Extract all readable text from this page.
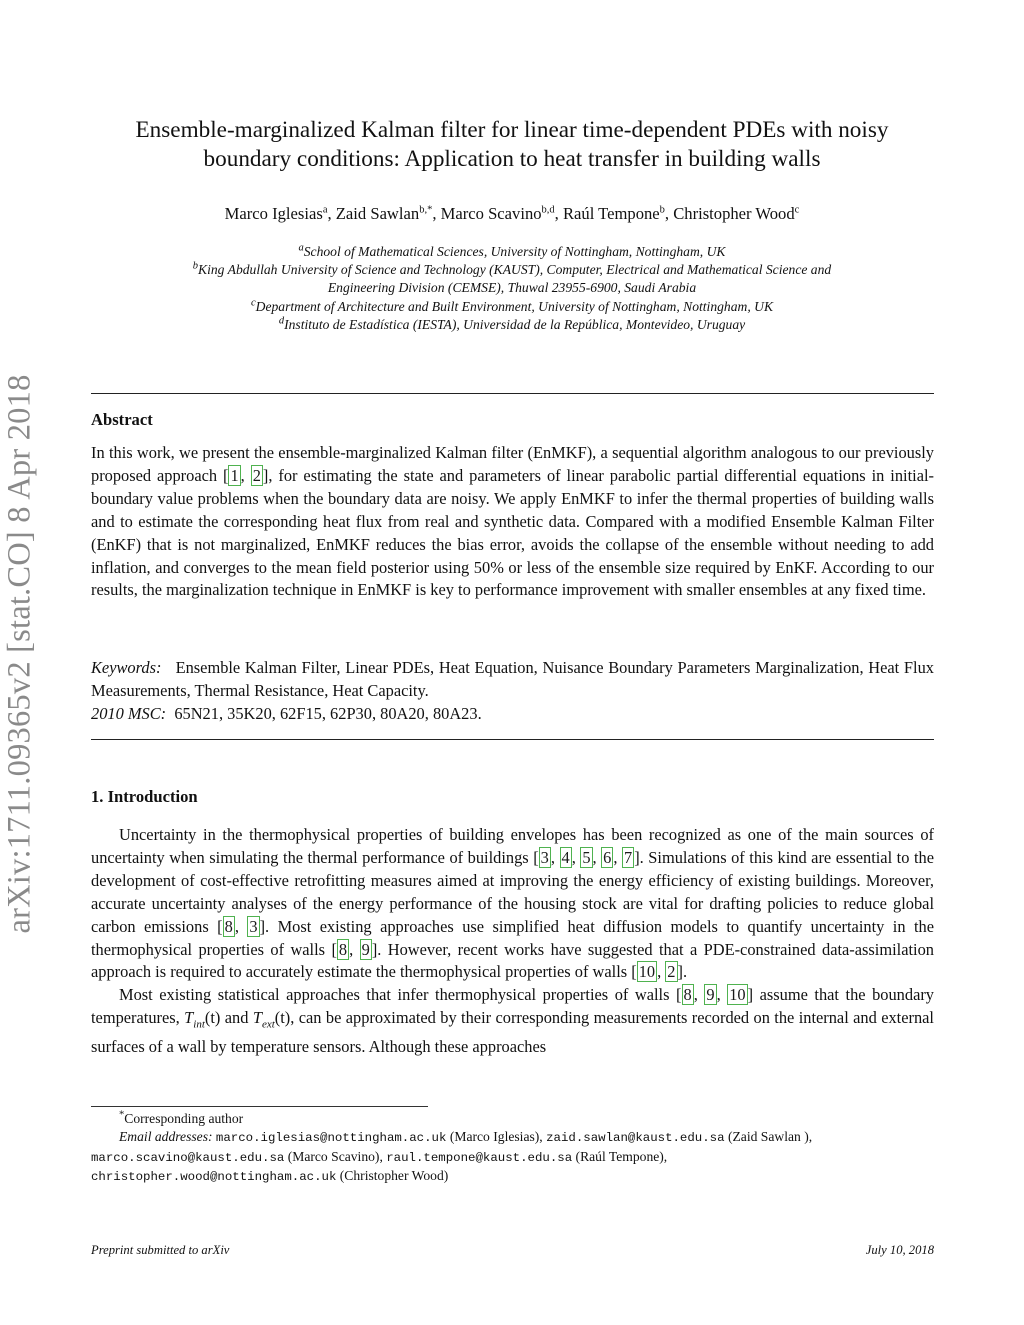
arXiv:1711.09365v2 [stat.CO] 8 Apr 2018
Ensemble-marginalized Kalman filter for linear time-dependent PDEs with noisy
boundary conditions: Application to heat transfer in building walls
Marco Iglesias$^a$, Zaid Sawlan$^{b,*}$, Marco Scavino$^{b,d}$, Raúl Tempone$^b$, Christopher Wood$^c$
$^a$School of Mathematical Sciences, University of Nottingham, Nottingham, UK
$^b$King Abdullah University of Science and Technology (KAUST), Computer, Electrical and Mathematical Science and
Engineering Division (CEMSE), Thuwal 23955-6900, Saudi Arabia
$^c$Department of Architecture and Built Environment, University of Nottingham, Nottingham, UK
$^d$Instituto de Estadística (IESTA), Universidad de la República, Montevideo, Uruguay
Abstract

In this work, we present the ensemble-marginalized Kalman filter (EnMKF), a sequential algorithm analogous to our previously proposed approach [ 1 , 2 ], for estimating the state and parameters of linear parabolic partial differential equations in initial-boundary value problems when the boundary data are noisy. We apply EnMKF to infer the thermal properties of building walls and to estimate the corresponding heat flux from real and synthetic data. Compared with a modified Ensemble Kalman Filter (EnKF) that is not marginalized, EnMKF reduces the bias error, avoids the collapse of the ensemble without needing to add inflation, and converges to the mean field posterior using 50% or less of the ensemble size required by EnKF. According to our results, the marginalization technique in EnMKF is key to performance improvement with smaller ensembles at any fixed time.

Keywords: Ensemble Kalman Filter, Linear PDEs, Heat Equation, Nuisance Boundary Parameters Marginalization, Heat Flux Measurements, Thermal Resistance, Heat Capacity.

2010 MSC: 65N21, 35K20, 62F15, 62P30, 80A20, 80A23.

1. Introduction

Uncertainty in the thermophysical properties of building envelopes has been recognized as one of the main sources of uncertainty when simulating the thermal performance of buildings [ 3 , 4 , 5 , 6 , 7 ]. Simulations of this kind are essential to the development of cost-effective retrofitting measures aimed at improving the energy efficiency of existing buildings. Moreover, accurate uncertainty analyses of the energy performance of the housing stock are vital for drafting policies to reduce global carbon emissions [ 8 , 3 ]. Most existing approaches use simplified heat diffusion models to quantify uncertainty in the thermophysical properties of walls [ 8 , 9 ]. However, recent works have suggested that a PDE-constrained data-assimilation approach is required to accurately estimate the thermophysical properties of walls [ 10 , 2 ].

Most existing statistical approaches that infer thermophysical properties of walls [ 8 , 9 , 10 ] assume that the boundary temperatures, $T_{int}(t)$ and $T_{ext}(t)$, can be approximated by their corresponding measurements recorded on the internal and external surfaces of a wall by temperature sensors. Although these approaches

*Corresponding author
Email addresses: marco.iglesias@nottingham.ac.uk (Marco Iglesias), zaid.sawlan@kaust.edu.sa (Zaid Sawlan ),
marco.scavino@kaust.edu.sa (Marco Scavino), raul.tempone@kaust.edu.sa (Raúl Tempone),
christopher.wood@nottingham.ac.uk (Christopher Wood)
Preprint submitted to arXiv	July 10, 2018
